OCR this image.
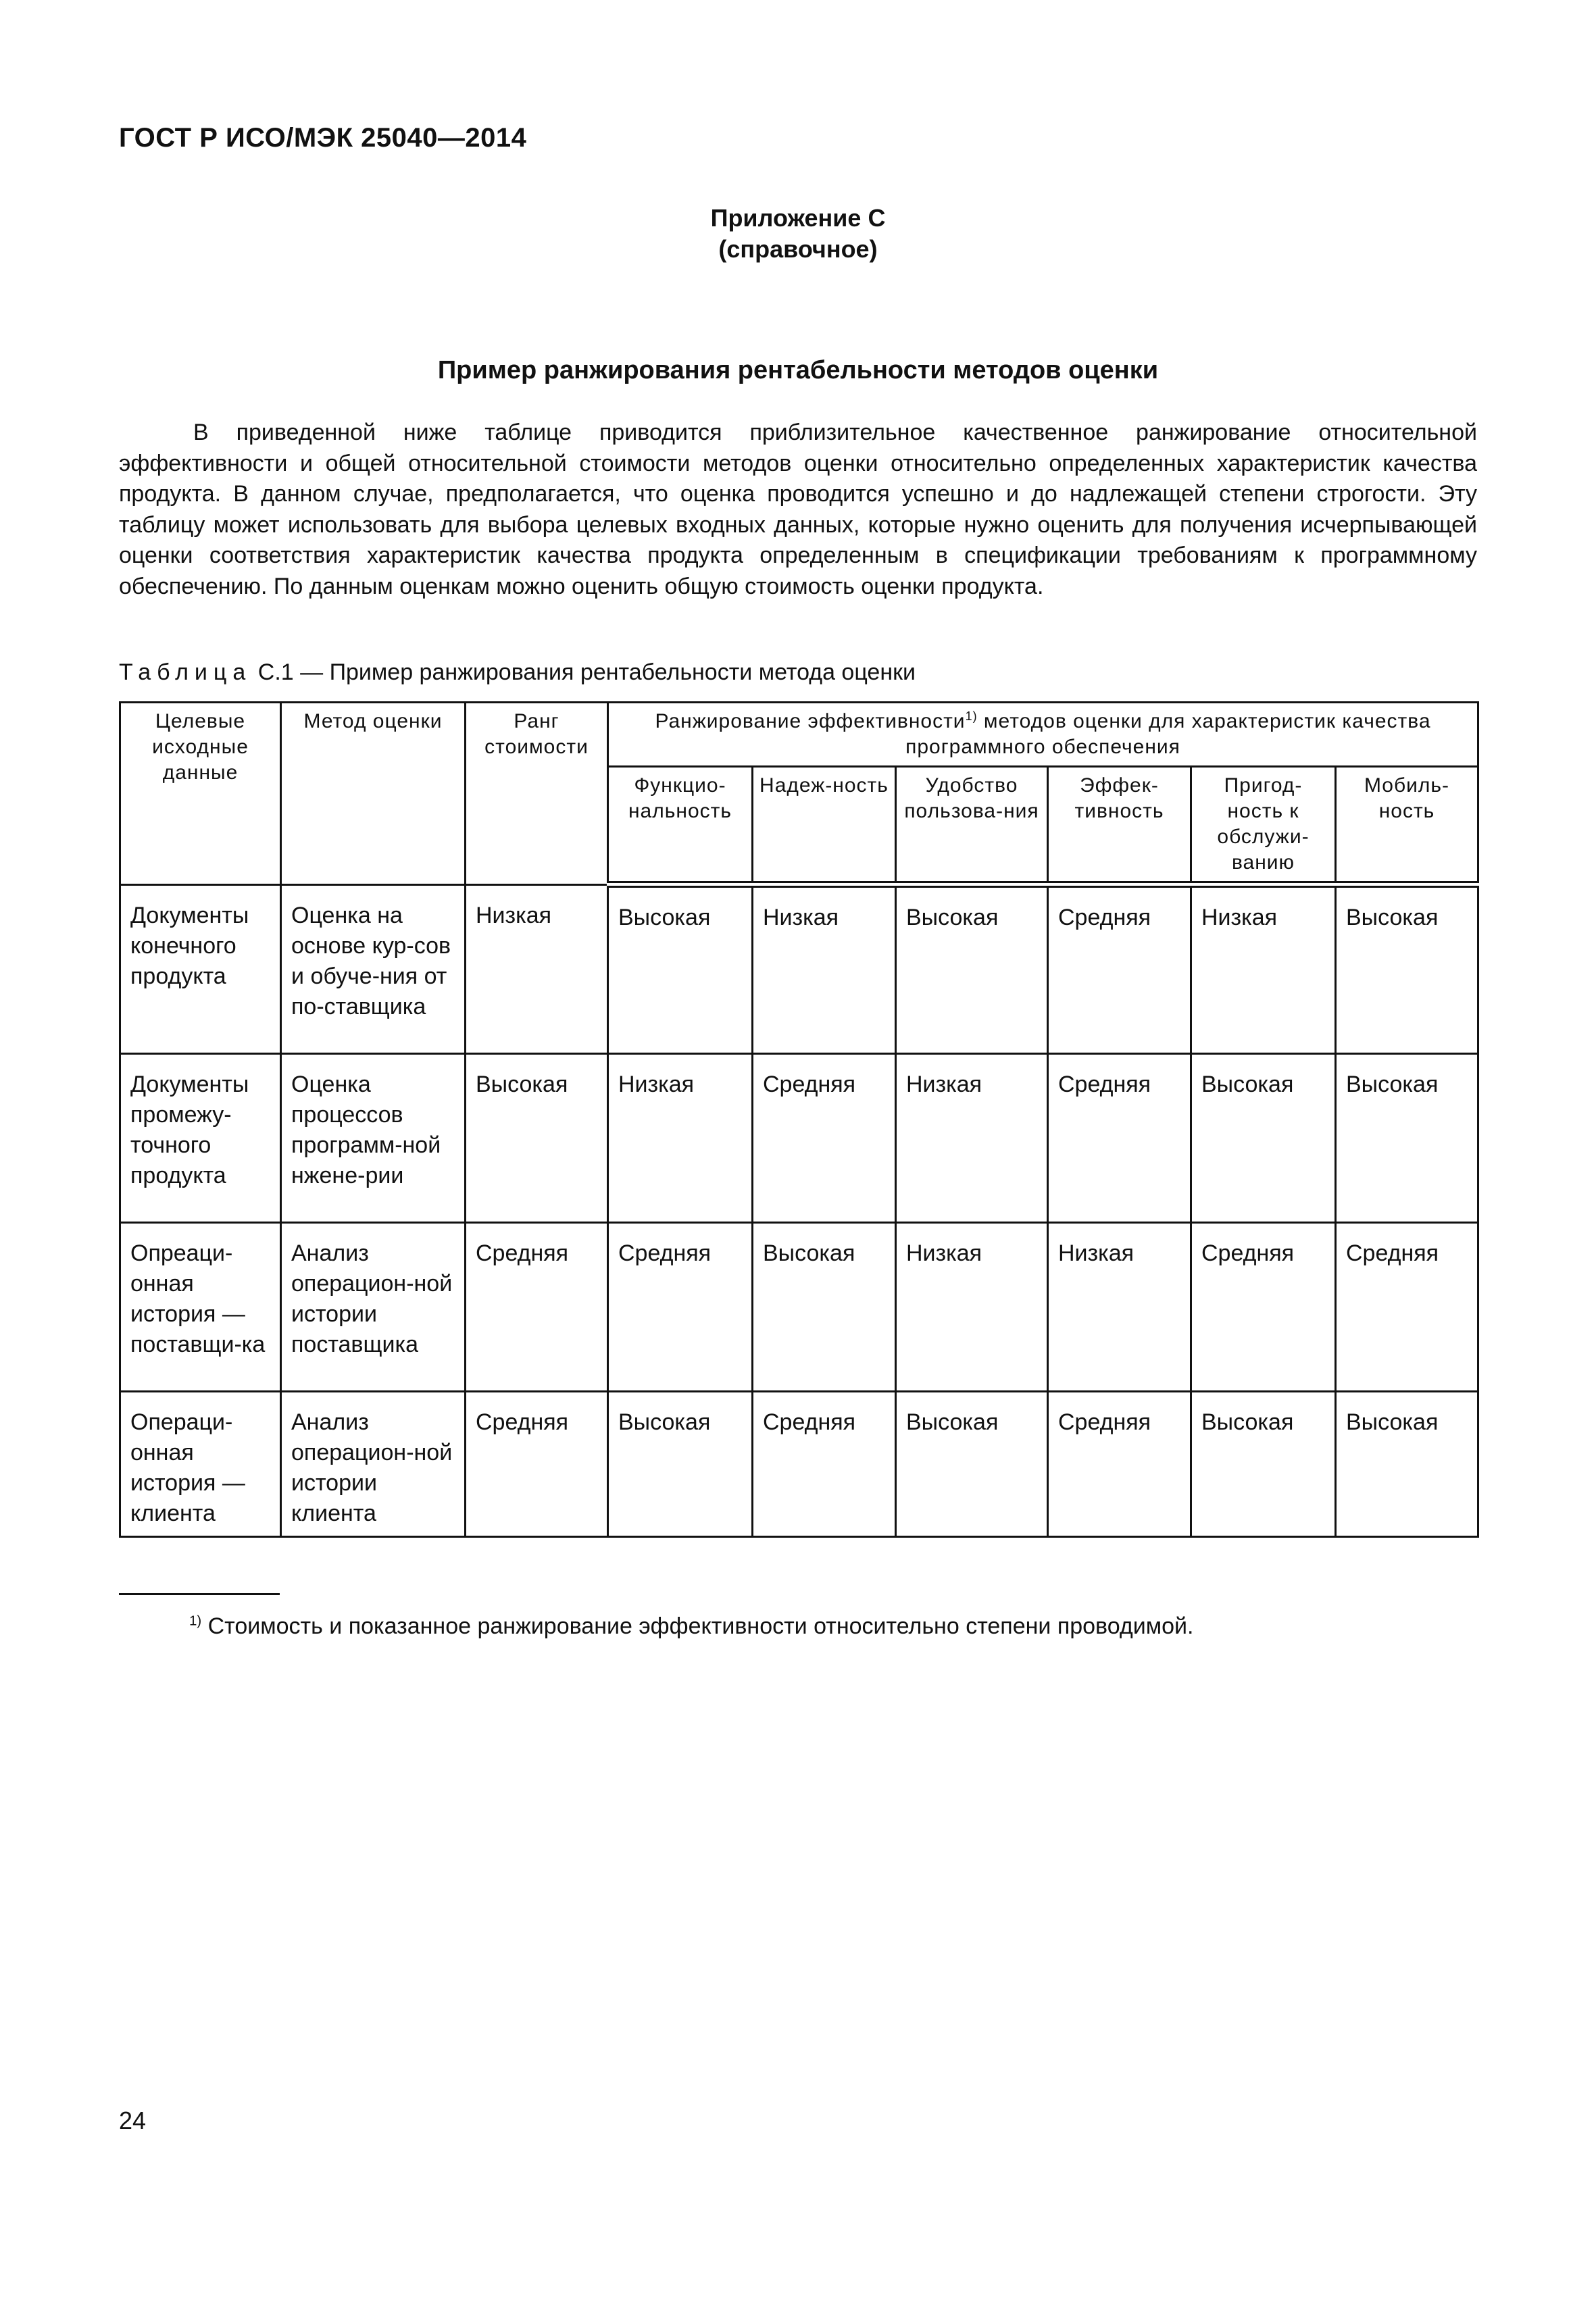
ГОСТ Р ИСО/МЭК 25040—2014
Приложение С
(справочное)
Пример ранжирования рентабельности методов оценки

В приведенной ниже таблице приводится приблизительное качественное ранжирование относительной эффективности и общей относительной стоимости методов оценки относительно определенных характеристик качества продукта. В данном случае, предполагается, что оценка проводится успешно и до надлежащей степени строгости. Эту таблицу может использовать для выбора целевых входных данных, которые нужно оценить для получения исчерпывающей оценки соответствия характеристик качества продукта определенным в спецификации требованиям к программному обеспечению. По данным оценкам можно оценить общую стоимость оценки продукта.

Таблица С.1 — Пример ранжирования рентабельности метода оценки
Целевые исходные данные	Метод оценки	Ранг стоимости	Ранжирование эффективности$^{1)}$ методов оценки для характеристик качества программного обеспечения					
			Функцио-нальность	Надеж-ность	Удобство пользова-ния	Эффек-тивность	Пригод-ность к обслужи-ванию	Мобиль-ность
Документы конечного продукта	Оценка на основе кур-сов и обуче-ния от по-ставщика	Низкая	Высокая	Низкая	Высокая	Средняя	Низкая	Высокая
Документы промежу-точного продукта	Оценка процессов программ-ной нжене-рии	Высокая	Низкая	Средняя	Низкая	Средняя	Высокая	Высокая
Опреаци-онная история — поставщи-ка	Анализ операцион-ной истории поставщика	Средняя	Средняя	Высокая	Низкая	Низкая	Средняя	Средняя
Операци-онная история — клиента	Анализ операцион-ной истории клиента	Средняя	Высокая	Средняя	Высокая	Средняя	Высокая	Высокая
$^{1)}$ Стоимость и показанное ранжирование эффективности относительно степени проводимой.
24
